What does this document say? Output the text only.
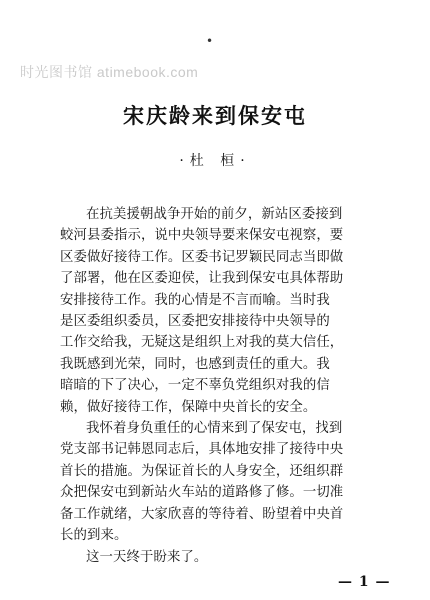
时光图书馆 atimebook.com
•
宋庆龄来到保安屯
·杜 桓·
在抗美援朝战争开始的前夕，新站区委接到
蛟河县委指示，说中央领导要来保安屯视察，要
区委做好接待工作。区委书记罗颖民同志当即做
了部署，他在区委迎侯，让我到保安屯具体帮助
安排接待工作。我的心情是不言而喻。当时我
是区委组织委员，区委把安排接待中央领导的
工作交给我，无疑这是组织上对我的莫大信任，
我既感到光荣，同时，也感到责任的重大。我
暗暗的下了决心，一定不辜负党组织对我的信
赖，做好接待工作，保障中央首长的安全。
我怀着身负重任的心情来到了保安屯，找到
党支部书记韩恩同志后，具体地安排了接待中央
首长的措施。为保证首长的人身安全，还组织群
众把保安屯到新站火车站的道路修了修。一切准
备工作就绪，大家欣喜的等待着、盼望着中央首
长的到来。
这一天终于盼来了。
— 1 —
